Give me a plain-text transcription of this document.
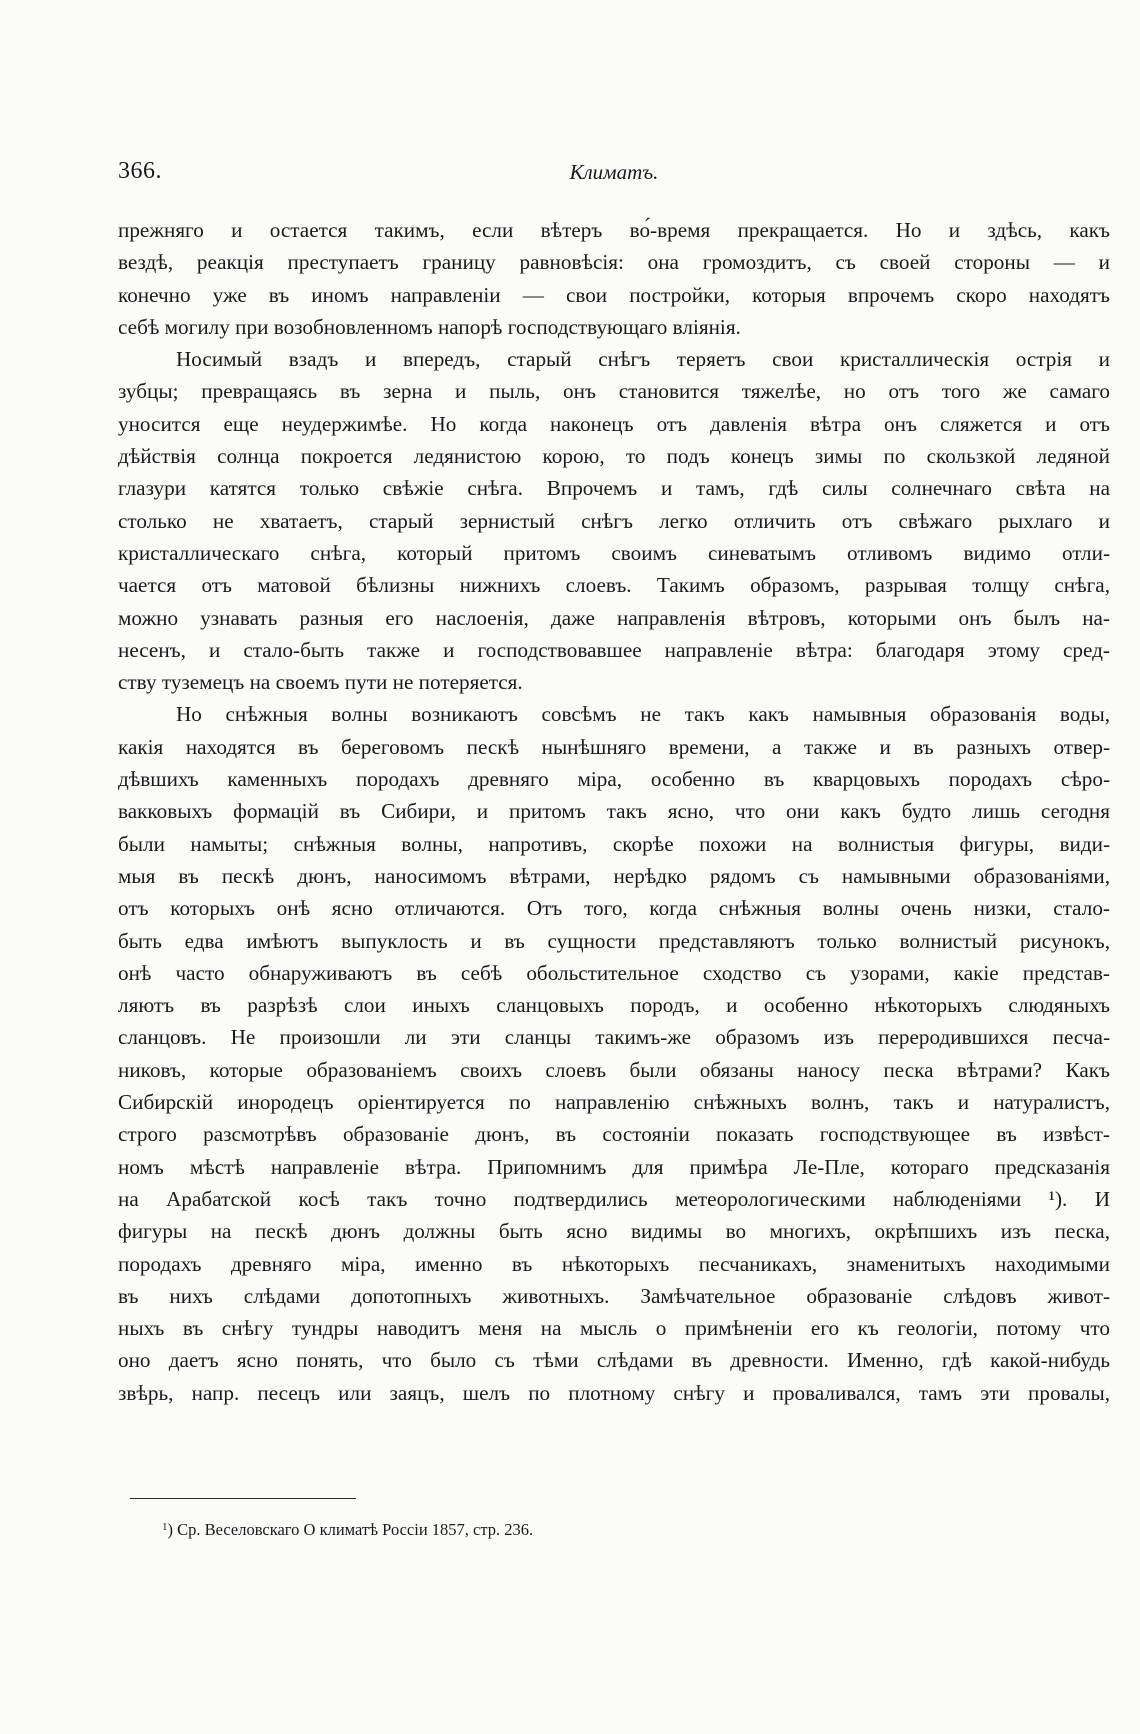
366.	Климатъ.
прежняго и остается такимъ, если вѣтеръ во́-время прекращается. Но и здѣсь, какъ
вездѣ, реакція преступаетъ границу равновѣсія: она громоздитъ, съ своей стороны — и
конечно уже въ иномъ направленіи — свои постройки, которыя впрочемъ скоро находятъ
себѣ могилу при возобновленномъ напорѣ господствующаго вліянія.
Носимый взадъ и впередъ, старый снѣгъ теряетъ свои кристаллическія острія и
зубцы; превращаясь въ зерна и пыль, онъ становится тяжелѣе, но отъ того же самаго
уносится еще неудержимѣе. Но когда наконецъ отъ давленія вѣтра онъ сляжется и отъ
дѣйствія солнца покроется ледянистою корою, то подъ конецъ зимы по скользкой ледяной
глазури катятся только свѣжіе снѣга. Впрочемъ и тамъ, гдѣ силы солнечнаго свѣта на
столько не хватаетъ, старый зернистый снѣгъ легко отличить отъ свѣжаго рыхлаго и
кристаллическаго снѣга, который притомъ своимъ синеватымъ отливомъ видимо отли-
чается отъ матовой бѣлизны нижнихъ слоевъ. Такимъ образомъ, разрывая толщу снѣга,
можно узнавать разныя его наслоенія, даже направленія вѣтровъ, которыми онъ былъ на-
несенъ, и стало-быть также и господствовавшее направленіе вѣтра: благодаря этому сред-
ству туземецъ на своемъ пути не потеряется.
Но снѣжныя волны возникаютъ совсѣмъ не такъ какъ намывныя образованія воды,
какія находятся въ береговомъ пескѣ нынѣшняго времени, а также и въ разныхъ отвер-
дѣвшихъ каменныхъ породахъ древняго міра, особенно въ кварцовыхъ породахъ сѣро-
вакковыхъ формацій въ Сибири, и притомъ такъ ясно, что они какъ будто лишь сегодня
были намыты; снѣжныя волны, напротивъ, скорѣе похожи на волнистыя фигуры, види-
мыя въ пескѣ дюнъ, наносимомъ вѣтрами, нерѣдко рядомъ съ намывными образованіями,
отъ которыхъ онѣ ясно отличаются. Отъ того, когда снѣжныя волны очень низки, стало-
быть едва имѣютъ выпуклость и въ сущности представляютъ только волнистый рисунокъ,
онѣ часто обнаруживаютъ въ себѣ обольстительное сходство съ узорами, какіе представ-
ляютъ въ разрѣзѣ слои иныхъ сланцовыхъ породъ, и особенно нѣкоторыхъ слюдяныхъ
сланцовъ. Не произошли ли эти сланцы такимъ-же образомъ изъ переродившихся песча-
никовъ, которые образованіемъ своихъ слоевъ были обязаны наносу песка вѣтрами? Какъ
Сибирскій инородецъ оріентируется по направленію снѣжныхъ волнъ, такъ и натуралистъ,
строго разсмотрѣвъ образованіе дюнъ, въ состояніи показать господствующее въ извѣст-
номъ мѣстѣ направленіе вѣтра. Припомнимъ для примѣра Ле-Пле, котораго предсказанія
на Арабатской косѣ такъ точно подтвердились метеорологическими наблюденіями ¹). И
фигуры на пескѣ дюнъ должны быть ясно видимы во многихъ, окрѣпшихъ изъ песка,
породахъ древняго міра, именно въ нѣкоторыхъ песчаникахъ, знаменитыхъ находимыми
въ нихъ слѣдами допотопныхъ животныхъ. Замѣчательное образованіе слѣдовъ живот-
ныхъ въ снѣгу тундры наводитъ меня на мысль о примѣненіи его къ геологіи, потому что
оно даетъ ясно понять, что было съ тѣми слѣдами въ древности. Именно, гдѣ какой-нибудь
звѣрь, напр. песецъ или заяцъ, шелъ по плотному снѣгу и проваливался, тамъ эти провалы,
$^1$) Ср. Веселовскаго О климатѣ Россіи 1857, стр. 236.
